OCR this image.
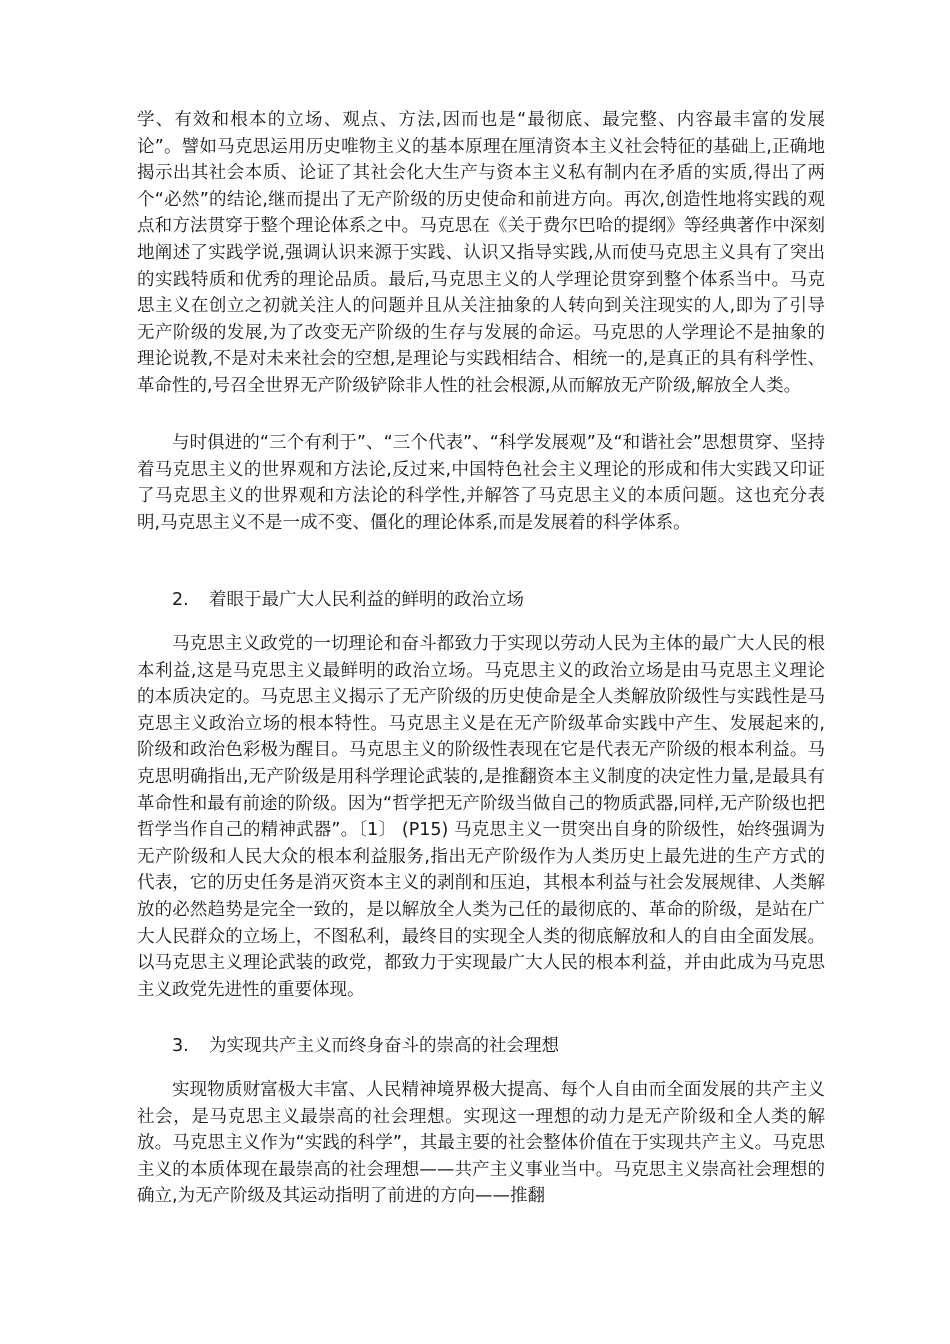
学、有效和根本的立场、观点、方法,因而也是“最彻底、最完整、内容最丰富的发展论”。譬如马克思运用历史唯物主义的基本原理在厘清资本主义社会特征的基础上,正确地揭示出其社会本质、论证了其社会化大生产与资本主义私有制内在矛盾的实质,得出了两个“必然”的结论,继而提出了无产阶级的历史使命和前进方向。再次,创造性地将实践的观点和方法贯穿于整个理论体系之中。马克思在《关于费尔巴哈的提纲》等经典著作中深刻地阐述了实践学说,强调认识来源于实践、认识又指导实践,从而使马克思主义具有了突出的实践特质和优秀的理论品质。最后,马克思主义的人学理论贯穿到整个体系当中。马克思主义在创立之初就关注人的问题并且从关注抽象的人转向到关注现实的人,即为了引导无产阶级的发展,为了改变无产阶级的生存与发展的命运。马克思的人学理论不是抽象的理论说教,不是对未来社会的空想,是理论与实践相结合、相统一的,是真正的具有科学性、革命性的,号召全世界无产阶级铲除非人性的社会根源,从而解放无产阶级,解放全人类。

与时俱进的“三个有利于”、“三个代表”、“科学发展观”及“和谐社会”思想贯穿、坚持着马克思主义的世界观和方法论,反过来,中国特色社会主义理论的形成和伟大实践又印证了马克思主义的世界观和方法论的科学性,并解答了马克思主义的本质问题。这也充分表明,马克思主义不是一成不变、僵化的理论体系,而是发展着的科学体系。

2. 着眼于最广大人民利益的鲜明的政治立场

马克思主义政党的一切理论和奋斗都致力于实现以劳动人民为主体的最广大人民的根本利益,这是马克思主义最鲜明的政治立场。马克思主义的政治立场是由马克思主义理论的本质决定的。马克思主义揭示了无产阶级的历史使命是全人类解放阶级性与实践性是马克思主义政治立场的根本特性。马克思主义是在无产阶级革命实践中产生、发展起来的,阶级和政治色彩极为醒目。马克思主义的阶级性表现在它是代表无产阶级的根本利益。马克思明确指出,无产阶级是用科学理论武装的,是推翻资本主义制度的决定性力量,是最具有革命性和最有前途的阶级。因为“哲学把无产阶级当做自己的物质武器,同样,无产阶级也把哲学当作自己的精神武器”。〔1〕 (P15) 马克思主义一贯突出自身的阶级性，始终强调为无产阶级和人民大众的根本利益服务,指出无产阶级作为人类历史上最先进的生产方式的代表，它的历史任务是消灭资本主义的剥削和压迫，其根本利益与社会发展规律、人类解放的必然趋势是完全一致的，是以解放全人类为己任的最彻底的、革命的阶级，是站在广大人民群众的立场上，不图私利，最终目的实现全人类的彻底解放和人的自由全面发展。以马克思主义理论武装的政党，都致力于实现最广大人民的根本利益，并由此成为马克思主义政党先进性的重要体现。

3. 为实现共产主义而终身奋斗的崇高的社会理想

实现物质财富极大丰富、人民精神境界极大提高、每个人自由而全面发展的共产主义社会，是马克思主义最崇高的社会理想。实现这一理想的动力是无产阶级和全人类的解放。马克思主义作为“实践的科学”，其最主要的社会整体价值在于实现共产主义。马克思主义的本质体现在最崇高的社会理想——共产主义事业当中。马克思主义崇高社会理想的确立,为无产阶级及其运动指明了前进的方向——推翻
